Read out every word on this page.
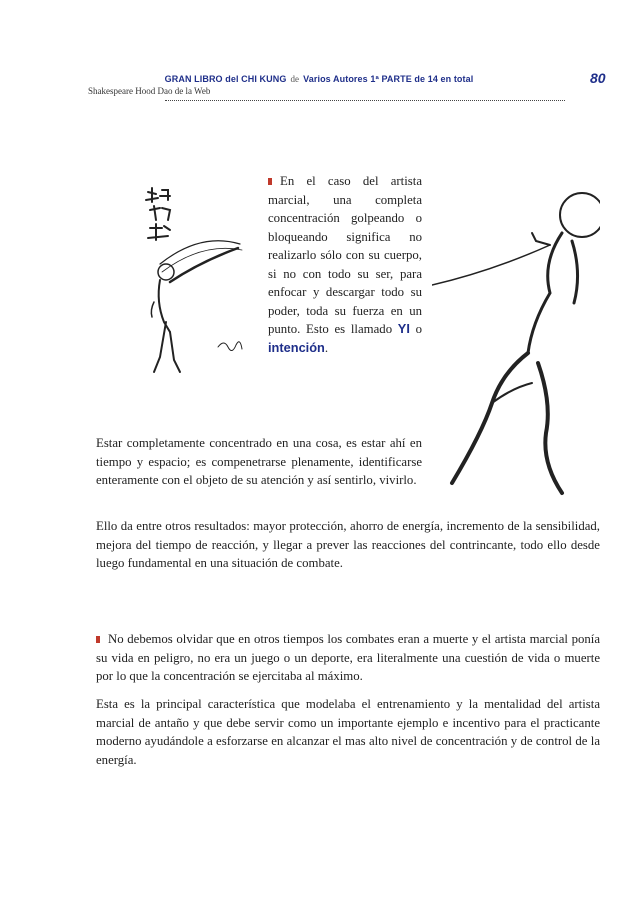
GRAN LIBRO del CHI KUNG de Varios Autores 1ª PARTE de 14 en total	80
Shakespeare Hood Dao de la Web
En el caso del artista marcial, una completa concentración golpeando o bloqueando significa no realizarlo sólo con su cuerpo, si no con todo su ser, para enfocar y descargar todo su poder, toda su fuerza en un punto. Esto es llamado YI o intención.
Estar completamente concentrado en una cosa, es estar ahí en tiempo y espacio; es compenetrarse plenamente, identificarse enteramente con el objeto de su atención y así sentirlo, vivirlo.
Ello da entre otros resultados: mayor protección, ahorro de energía, incremento de la sensibilidad, mejora del tiempo de reacción, y llegar a prever las reacciones del contrincante, todo ello desde luego fundamental en una situación de combate.
No debemos olvidar que en otros tiempos los combates eran a muerte y el artista marcial ponía su vida en peligro, no era un juego o un deporte, era literalmente una cuestión de vida o muerte por lo que la concentración se ejercitaba al máximo.
Esta es la principal característica que modelaba el entrenamiento y la mentalidad del artista marcial de antaño y que debe servir como un importante ejemplo e incentivo para el practicante moderno ayudándole a esforzarse en alcanzar el mas alto nivel de concentración y de control de la energía.
